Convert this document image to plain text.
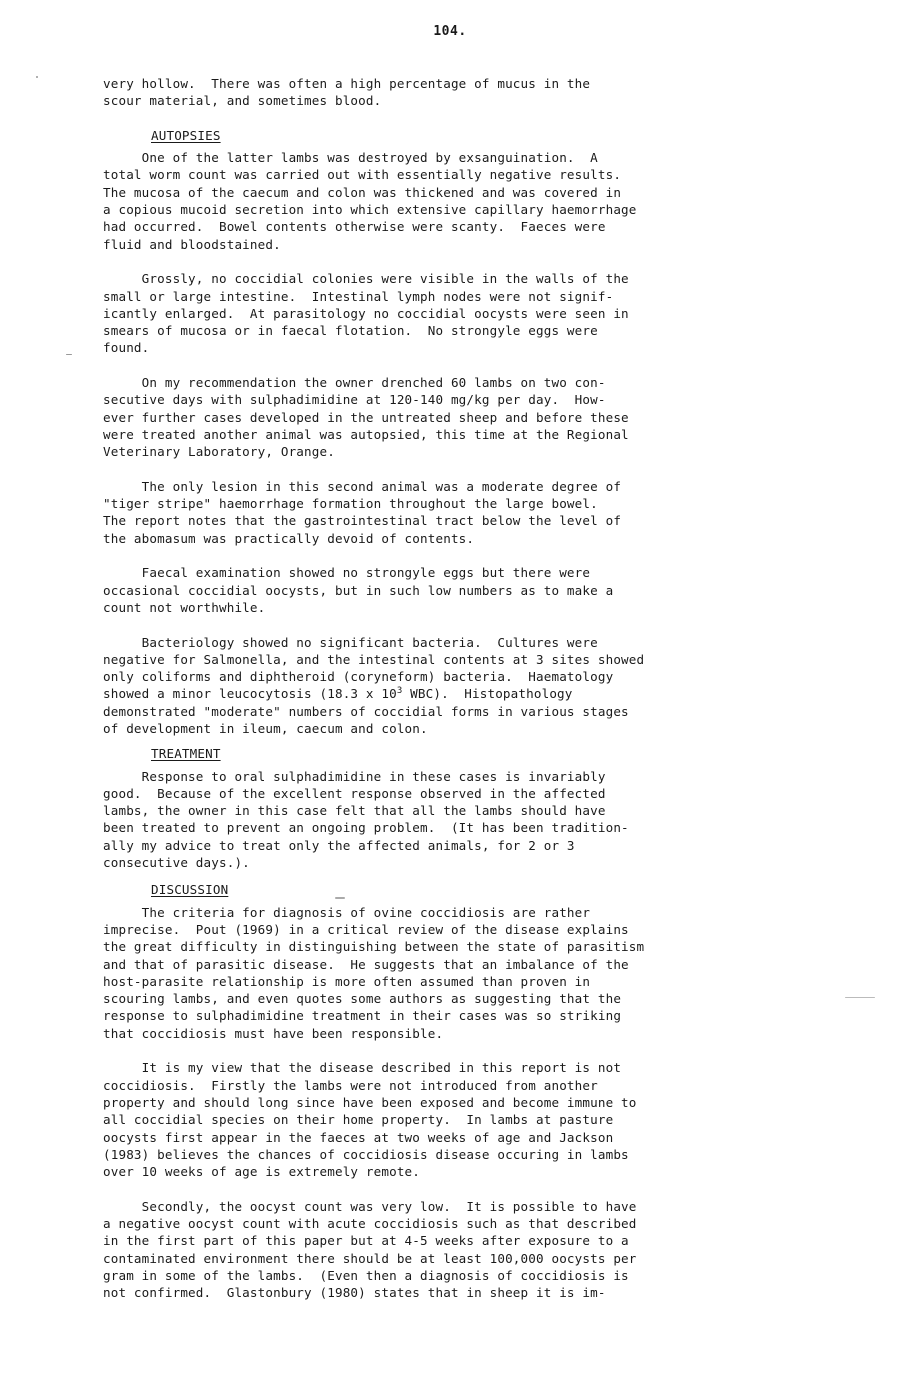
104.
very hollow.  There was often a high percentage of mucus in the
scour material, and sometimes blood.
AUTOPSIES
One of the latter lambs was destroyed by exsanguination.  A
total worm count was carried out with essentially negative results.
The mucosa of the caecum and colon was thickened and was covered in
a copious mucoid secretion into which extensive capillary haemorrhage
had occurred.  Bowel contents otherwise were scanty.  Faeces were
fluid and bloodstained.
Grossly, no coccidial colonies were visible in the walls of the
small or large intestine.  Intestinal lymph nodes were not signif-
icantly enlarged.  At parasitology no coccidial oocysts were seen in
smears of mucosa or in faecal flotation.  No strongyle eggs were
found.
On my recommendation the owner drenched 60 lambs on two con-
secutive days with sulphadimidine at 120-140 mg/kg per day.  How-
ever further cases developed in the untreated sheep and before these
were treated another animal was autopsied, this time at the Regional
Veterinary Laboratory, Orange.
The only lesion in this second animal was a moderate degree of
"tiger stripe" haemorrhage formation throughout the large bowel.
The report notes that the gastrointestinal tract below the level of
the abomasum was practically devoid of contents.
Faecal examination showed no strongyle eggs but there were
occasional coccidial oocysts, but in such low numbers as to make a
count not worthwhile.
Bacteriology showed no significant bacteria.  Cultures were
negative for Salmonella, and the intestinal contents at 3 sites showed
only coliforms and diphtheroid (coryneform) bacteria.  Haematology
showed a minor leucocytosis (18.3 x $10^3$ WBC).  Histopathology
demonstrated "moderate" numbers of coccidial forms in various stages
of development in ileum, caecum and colon.
TREATMENT
Response to oral sulphadimidine in these cases is invariably
good.  Because of the excellent response observed in the affected
lambs, the owner in this case felt that all the lambs should have
been treated to prevent an ongoing problem.  (It has been tradition-
ally my advice to treat only the affected animals, for 2 or 3
consecutive days.).
DISCUSSION
The criteria for diagnosis of ovine coccidiosis are rather
imprecise.  Pout (1969) in a critical review of the disease explains
the great difficulty in distinguishing between the state of parasitism
and that of parasitic disease.  He suggests that an imbalance of the
host-parasite relationship is more often assumed than proven in
scouring lambs, and even quotes some authors as suggesting that the
response to sulphadimidine treatment in their cases was so striking
that coccidiosis must have been responsible.
It is my view that the disease described in this report is not
coccidiosis.  Firstly the lambs were not introduced from another
property and should long since have been exposed and become immune to
all coccidial species on their home property.  In lambs at pasture
oocysts first appear in the faeces at two weeks of age and Jackson
(1983) believes the chances of coccidiosis disease occuring in lambs
over 10 weeks of age is extremely remote.
Secondly, the oocyst count was very low.  It is possible to have
a negative oocyst count with acute coccidiosis such as that described
in the first part of this paper but at 4-5 weeks after exposure to a
contaminated environment there should be at least 100,000 oocysts per
gram in some of the lambs.  (Even then a diagnosis of coccidiosis is
not confirmed.  Glastonbury (1980) states that in sheep it is im-
